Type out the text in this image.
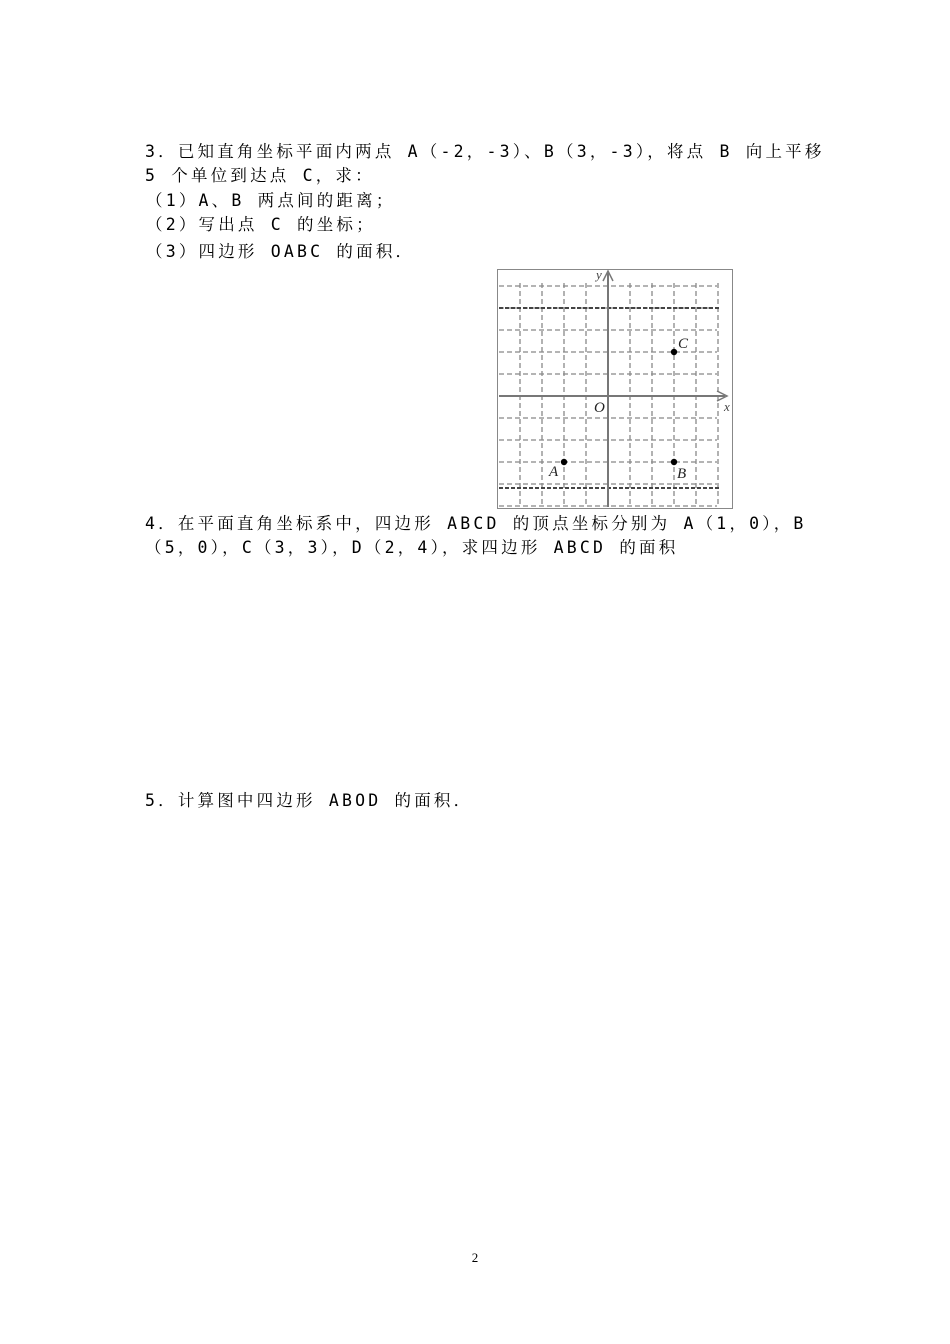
3．已知直角坐标平面内两点 A（-2，-3）、B（3，-3），将点 B 向上平移
5 个单位到达点 C，求：
（1）A、B 两点间的距离；
（2）写出点 C 的坐标；
（3）四边形 OABC 的面积．
x
y
O
A	B
C
4．在平面直角坐标系中，四边形 ABCD 的顶点坐标分别为 A（1，0），B
（5，0），C（3，3），D（2，4），求四边形 ABCD 的面积
5．计算图中四边形 ABOD 的面积．
2
